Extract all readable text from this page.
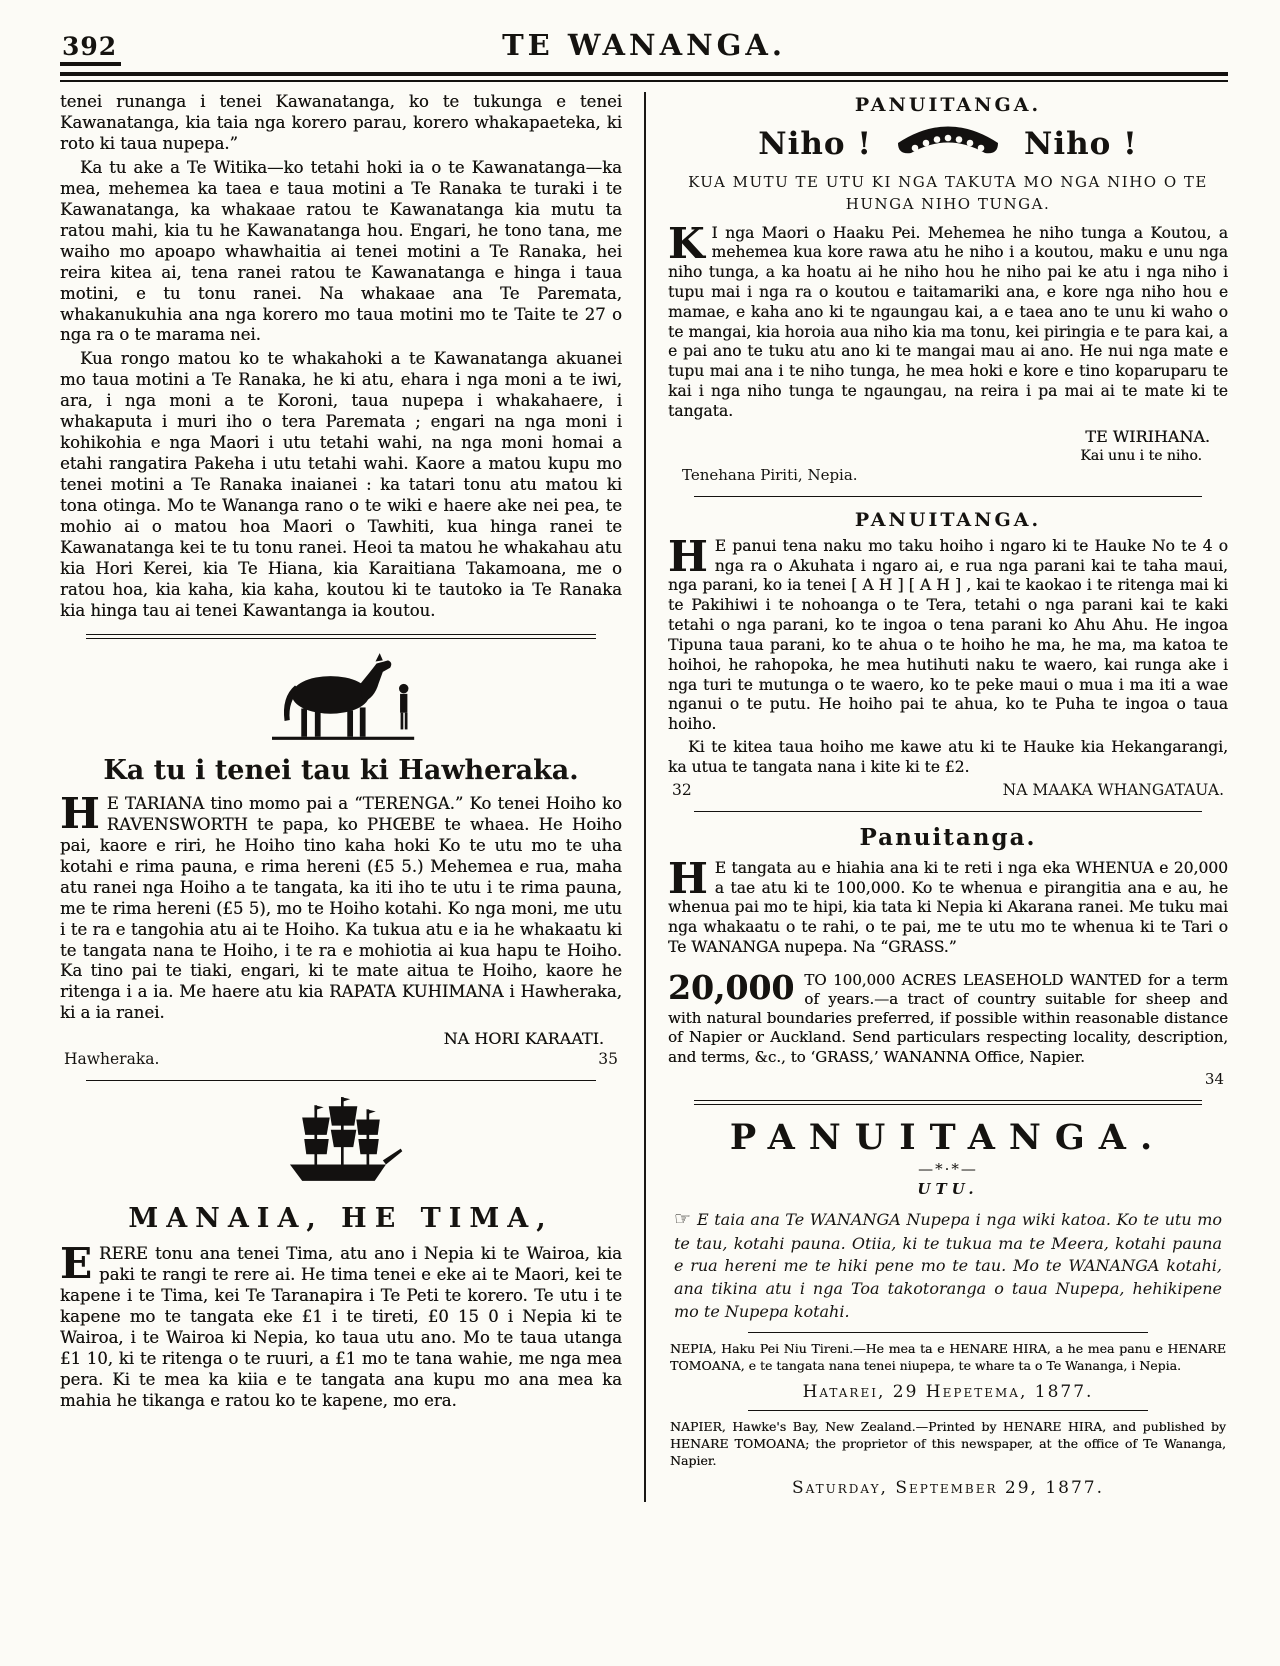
392	TE WANANGA.

tenei runanga i tenei Kawanatanga, ko te tukunga e tenei Kawanatanga, kia taia nga korero parau, korero whakapaeteka, ki roto ki taua nupepa.”

Ka tu ake a Te Witika—ko tetahi hoki ia o te Kawanatanga—ka mea, mehemea ka taea e taua motini a Te Ranaka te turaki i te Kawanatanga, ka whakaae ratou te Kawanatanga kia mutu ta ratou mahi, kia tu he Kawanatanga hou. Engari, he tono tana, me waiho mo apoapo whawhaitia ai tenei motini a Te Ranaka, hei reira kitea ai, tena ranei ratou te Kawanatanga e hinga i taua motini, e tu tonu ranei. Na whakaae ana Te Paremata, whakanukuhia ana nga korero mo taua motini mo te Taite te 27 o nga ra o te marama nei.

Kua rongo matou ko te whakahoki a te Kawanatanga akuanei mo taua motini a Te Ranaka, he ki atu, ehara i nga moni a te iwi, ara, i nga moni a te Koroni, taua nupepa i whakahaere, i whakaputa i muri iho o tera Paremata ; engari na nga moni i kohikohia e nga Maori i utu tetahi wahi, na nga moni homai a etahi rangatira Pakeha i utu tetahi wahi. Kaore a matou kupu mo tenei motini a Te Ranaka inaianei : ka tatari tonu atu matou ki tona otinga. Mo te Wananga rano o te wiki e haere ake nei pea, te mohio ai o matou hoa Maori o Tawhiti, kua hinga ranei te Kawanatanga kei te tu tonu ranei. Heoi ta matou he whakahau atu kia Hori Kerei, kia Te Hiana, kia Karaitiana Takamoana, me o ratou hoa, kia kaha, kia kaha, koutou ki te tautoko ia Te Ranaka kia hinga tau ai tenei Kawantanga ia koutou.

Ka tu i tenei tau ki Hawheraka.

H E TARIANA tino momo pai a “TERENGA.” Ko tenei Hoiho ko RAVENSWORTH te papa, ko PHŒBE te whaea. He Hoiho pai, kaore e riri, he Hoiho tino kaha hoki Ko te utu mo te uha kotahi e rima pauna, e rima hereni (£5 5.) Mehemea e rua, maha atu ranei nga Hoiho a te tangata, ka iti iho te utu i te rima pauna, me te rima hereni (£5 5), mo te Hoiho kotahi. Ko nga moni, me utu i te ra e tangohia atu ai te Hoiho. Ka tukua atu e ia he whakaatu ki te tangata nana te Hoiho, i te ra e mohiotia ai kua hapu te Hoiho. Ka tino pai te tiaki, engari, ki te mate aitua te Hoiho, kaore he ritenga i a ia. Me haere atu kia RAPATA KUHIMANA i Hawheraka, ki a ia ranei.

NA HORI KARAATI.

Hawheraka.	35
MANAIA, HE TIMA,

ERERE tonu ana tenei Tima, atu ano i Nepia ki te Wairoa, kia paki te rangi te rere ai. He tima tenei e eke ai te Maori, kei te kapene i te Tima, kei Te Taranapira i Te Peti te korero. Te utu i te kapene mo te tangata eke £1 i te tireti, £0 15 0 i Nepia ki te Wairoa, i te Wairoa ki Nepia, ko taua utu ano. Mo te taua utanga £1 10, ki te ritenga o te ruuri, a £1 mo te tana wahie, me nga mea pera. Ki te mea ka kiia e te tangata ana kupu mo ana mea ka mahia he tikanga e ratou ko te kapene, mo era.

PANUITANGA.
Niho !	Niho !

KUA MUTU TE UTU KI NGA TAKUTA MO NGA NIHO O TE HUNGA NIHO TUNGA.

K I nga Maori o Haaku Pei. Mehemea he niho tunga a Koutou, a mehemea kua kore rawa atu he niho i a koutou, maku e unu nga niho tunga, a ka hoatu ai he niho hou he niho pai ke atu i nga niho i tupu mai i nga ra o koutou e taitamariki ana, e kore nga niho hou e mamae, e kaha ano ki te ngaungau kai, a e taea ano te unu ki waho o te mangai, kia horoia aua niho kia ma tonu, kei piringia e te para kai, a e pai ano te tuku atu ano ki te mangai mau ai ano. He nui nga mate e tupu mai ana i te niho tunga, he mea hoki e kore e tino koparuparu te kai i nga niho tunga te ngaungau, na reira i pa mai ai te mate ki te tangata.

TE WIRIHANA.

Kai unu i te niho.

Tenehana Piriti, Nepia.

PANUITANGA.

H E panui tena naku mo taku hoiho i ngaro ki te Hauke No te 4 o nga ra o Akuhata i ngaro ai, e rua nga parani kai te taha maui, nga parani, ko ia tenei [ A H ] [ A H ] , kai te kaokao i te ritenga mai ki te Pakihiwi i te nohoanga o te Tera, tetahi o nga parani kai te kaki tetahi o nga parani, ko te ingoa o tena parani ko Ahu Ahu. He ingoa Tipuna taua parani, ko te ahua o te hoiho he ma, he ma, ma katoa te hoihoi, he rahopoka, he mea hutihuti naku te waero, kai runga ake i nga turi te mutunga o te waero, ko te peke maui o mua i ma iti a wae nganui o te putu. He hoiho pai te ahua, ko te Puha te ingoa o taua hoiho.

Ki te kitea taua hoiho me kawe atu ki te Hauke kia Hekangarangi, ka utua te tangata nana i kite ki te £2.

32	NA MAAKA WHANGATAUA.
Panuitanga.

H E tangata au e hiahia ana ki te reti i nga eka WHENUA e 20,000 a tae atu ki te 100,000. Ko te whenua e pirangitia ana e au, he whenua pai mo te hipi, kia tata ki Nepia ki Akarana ranei. Me tuku mai nga whakaatu o te rahi, o te pai, me te utu mo te whenua ki te Tari o Te WANANGA nupepa. Na “GRASS.”

20,000 TO 100,000 ACRES LEASEHOLD WANTED for a term of years.—a tract of country suitable for sheep and with natural boundaries preferred, if possible within reasonable distance of Napier or Auckland. Send particulars respecting locality, description, and terms, &c., to ‘GRASS,’ WANANNA Office, Napier.

34

PANUITANGA.

—*·*—

UTU.

☞ E taia ana Te WANANGA Nupepa i nga wiki katoa. Ko te utu mo te tau, kotahi pauna. Otiia, ki te tukua ma te Meera, kotahi pauna e rua hereni me te hiki pene mo te tau. Mo te WANANGA kotahi, ana tikina atu i nga Toa takotoranga o taua Nupepa, hehikipene mo te Nupepa kotahi.

NEPIA, Haku Pei Niu Tireni.—He mea ta e HENARE HIRA, a he mea panu e HENARE TOMOANA, e te tangata nana tenei niupepa, te whare ta o Te Wananga, i Nepia.

Hatarei, 29 Hepetema, 1877.

NAPIER, Hawke's Bay, New Zealand.—Printed by HENARE HIRA, and published by HENARE TOMOANA; the proprietor of this newspaper, at the office of Te Wananga, Napier.

Saturday, September 29, 1877.
